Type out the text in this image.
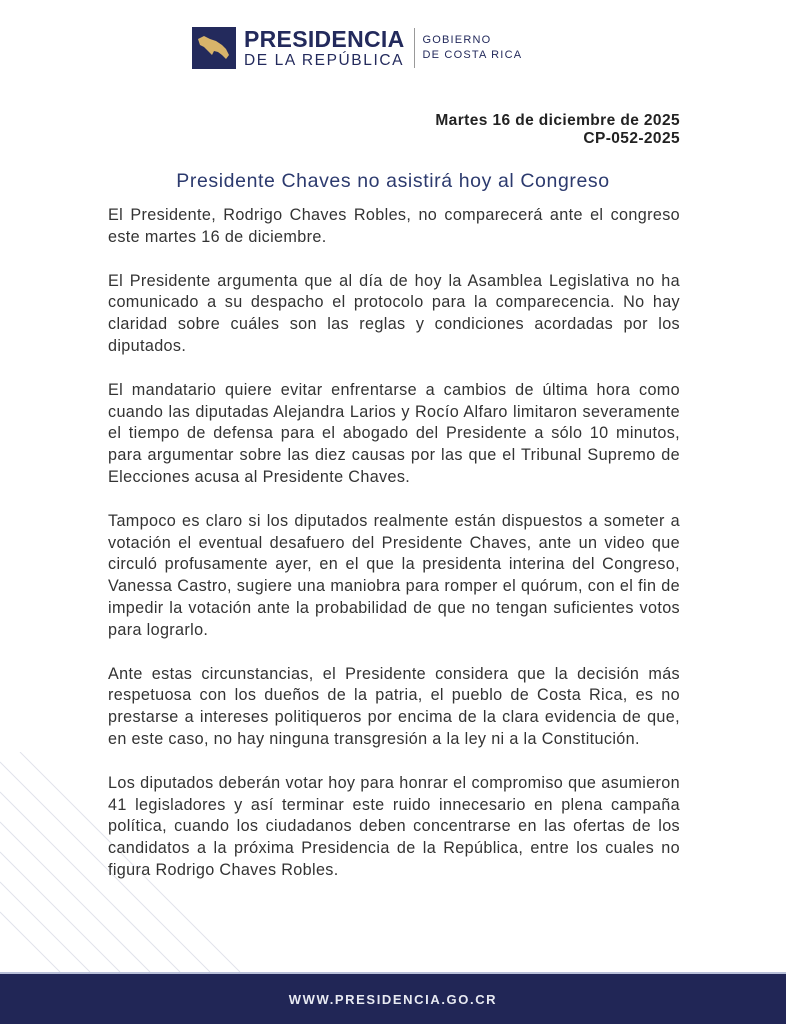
PRESIDENCIA
DE LA REPÚBLICA
GOBIERNO
DE COSTA RICA
Martes 16 de diciembre de 2025
CP-052-2025
Presidente Chaves no asistirá hoy al Congreso

El Presidente, Rodrigo Chaves Robles, no comparecerá ante el congreso este martes 16 de diciembre.

El Presidente argumenta que al día de hoy la Asamblea Legislativa no ha comunicado a su despacho el protocolo para la comparecencia. No hay claridad sobre cuáles son las reglas y condiciones acordadas por los diputados.

El mandatario quiere evitar enfrentarse a cambios de última hora como cuando las diputadas Alejandra Larios y Rocío Alfaro limitaron severamente el tiempo de defensa para el abogado del Presidente a sólo 10 minutos, para argumentar sobre las diez causas por las que el Tribunal Supremo de Elecciones acusa al Presidente Chaves.

Tampoco es claro si los diputados realmente están dispuestos a someter a votación el eventual desafuero del Presidente Chaves, ante un video que circuló profusamente ayer, en el que la presidenta interina del Congreso, Vanessa Castro, sugiere una maniobra para romper el quórum, con el fin de impedir la votación ante la probabilidad de que no tengan suficientes votos para lograrlo.

Ante estas circunstancias, el Presidente considera que la decisión más respetuosa con los dueños de la patria, el pueblo de Costa Rica, es no prestarse a intereses politiqueros por encima de la clara evidencia de que, en este caso, no hay ninguna transgresión a la ley ni a la Constitución.

Los diputados deberán votar hoy para honrar el compromiso que asumieron 41 legisladores y así terminar este ruido innecesario en plena campaña política, cuando los ciudadanos deben concentrarse en las ofertas de los candidatos a la próxima Presidencia de la República, entre los cuales no figura Rodrigo Chaves Robles.

WWW.PRESIDENCIA.GO.CR
